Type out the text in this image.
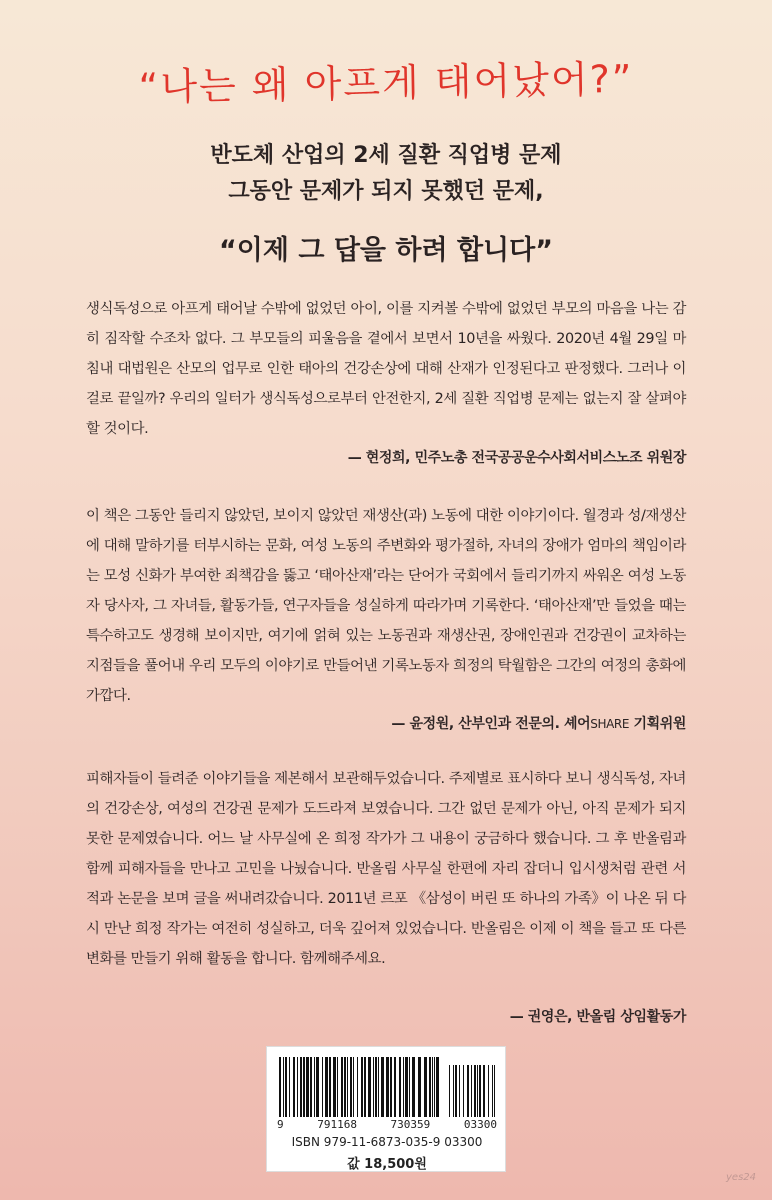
“나는 왜 아프게 태어났어?”
반도체 산업의 2세 질환 직업병 문제
그동안 문제가 되지 못했던 문제,
“이제 그 답을 하려 합니다”

생식독성으로 아프게 태어날 수밖에 없었던 아이, 이를 지켜볼 수밖에 없었던 부모의 마음을 나는 감히 짐작할 수조차 없다. 그 부모들의 피울음을 곁에서 보면서 10년을 싸웠다. 2020년 4월 29일 마침내 대법원은 산모의 업무로 인한 태아의 건강손상에 대해 산재가 인정된다고 판정했다. 그러나 이걸로 끝일까? 우리의 일터가 생식독성으로부터 안전한지, 2세 질환 직업병 문제는 없는지 잘 살펴야 할 것이다.

— 현정희, 민주노총 전국공공운수사회서비스노조 위원장

이 책은 그동안 들리지 않았던, 보이지 않았던 재생산(과) 노동에 대한 이야기이다. 월경과 성/재생산에 대해 말하기를 터부시하는 문화, 여성 노동의 주변화와 평가절하, 자녀의 장애가 엄마의 책임이라는 모성 신화가 부여한 죄책감을 뚫고 ‘태아산재’라는 단어가 국회에서 들리기까지 싸워온 여성 노동자 당사자, 그 자녀들, 활동가들, 연구자들을 성실하게 따라가며 기록한다. ‘태아산재’만 들었을 때는 특수하고도 생경해 보이지만, 여기에 얽혀 있는 노동권과 재생산권, 장애인권과 건강권이 교차하는 지점들을 풀어내 우리 모두의 이야기로 만들어낸 기록노동자 희정의 탁월함은 그간의 여정의 총화에 가깝다.

— 윤정원, 산부인과 전문의. 셰어SHARE 기획위원

피해자들이 들려준 이야기들을 제본해서 보관해두었습니다. 주제별로 표시하다 보니 생식독성, 자녀의 건강손상, 여성의 건강권 문제가 도드라져 보였습니다. 그간 없던 문제가 아닌, 아직 문제가 되지 못한 문제였습니다. 어느 날 사무실에 온 희정 작가가 그 내용이 궁금하다 했습니다. 그 후 반올림과 함께 피해자들을 만나고 고민을 나눴습니다. 반올림 사무실 한편에 자리 잡더니 입시생처럼 관련 서적과 논문을 보며 글을 써내려갔습니다. 2011년 르포 《삼성이 버린 또 하나의 가족》이 나온 뒤 다시 만난 희정 작가는 여전히 성실하고, 더욱 깊어져 있었습니다. 반올림은 이제 이 책을 들고 또 다른 변화를 만들기 위해 활동을 합니다. 함께해주세요.

— 권영은, 반올림 상임활동가
9	791168	730359	03300
ISBN 979-11-6873-035-9 03300
값 18,500원
yes24
